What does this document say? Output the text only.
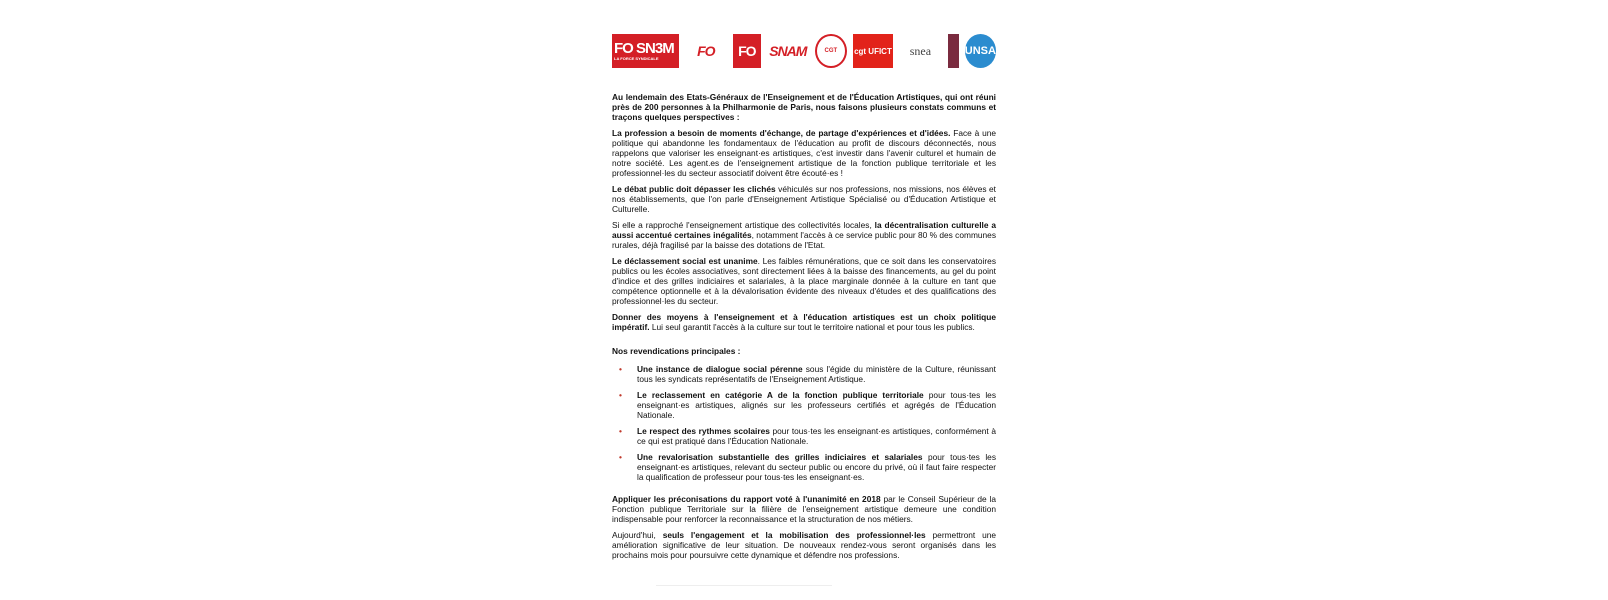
FO SN3M
LA FORCE SYNDICALE	FO	FO SNAM	CGT	cgt UFICT	snea	UNSA

Au lendemain des Etats-Généraux de l'Enseignement et de l'Éducation Artistiques, qui ont réuni près de 200 personnes à la Philharmonie de Paris, nous faisons plusieurs constats communs et traçons quelques perspectives :

La profession a besoin de moments d'échange, de partage d'expériences et d'idées. Face à une politique qui abandonne les fondamentaux de l'éducation au profit de discours déconnectés, nous rappelons que valoriser les enseignant·es artistiques, c'est investir dans l'avenir culturel et humain de notre société. Les agent.es de l'enseignement artistique de la fonction publique territoriale et les professionnel·les du secteur associatif doivent être écouté·es !

Le débat public doit dépasser les clichés véhiculés sur nos professions, nos missions, nos élèves et nos établissements, que l'on parle d'Enseignement Artistique Spécialisé ou d'Éducation Artistique et Culturelle.

Si elle a rapproché l'enseignement artistique des collectivités locales, la décentralisation culturelle a aussi accentué certaines inégalités, notamment l'accès à ce service public pour 80 % des communes rurales, déjà fragilisé par la baisse des dotations de l'Etat.

Le déclassement social est unanime. Les faibles rémunérations, que ce soit dans les conservatoires publics ou les écoles associatives, sont directement liées à la baisse des financements, au gel du point d'indice et des grilles indiciaires et salariales, à la place marginale donnée à la culture en tant que compétence optionnelle et à la dévalorisation évidente des niveaux d'études et des qualifications des professionnel·les du secteur.

Donner des moyens à l'enseignement et à l'éducation artistiques est un choix politique impératif. Lui seul garantit l'accès à la culture sur tout le territoire national et pour tous les publics.

Nos revendications principales :

• Une instance de dialogue social pérenne sous l'égide du ministère de la Culture, réunissant tous les syndicats représentatifs de l'Enseignement Artistique.
• Le reclassement en catégorie A de la fonction publique territoriale pour tous·tes les enseignant·es artistiques, alignés sur les professeurs certifiés et agrégés de l'Éducation Nationale.
• Le respect des rythmes scolaires pour tous·tes les enseignant·es artistiques, conformément à ce qui est pratiqué dans l'Éducation Nationale.
• Une revalorisation substantielle des grilles indiciaires et salariales pour tous·tes les enseignant·es artistiques, relevant du secteur public ou encore du privé, où il faut faire respecter la qualification de professeur pour tous·tes les enseignant·es.

Appliquer les préconisations du rapport voté à l'unanimité en 2018 par le Conseil Supérieur de la Fonction publique Territoriale sur la filière de l'enseignement artistique demeure une condition indispensable pour renforcer la reconnaissance et la structuration de nos métiers.

Aujourd'hui, seuls l'engagement et la mobilisation des professionnel·les permettront une amélioration significative de leur situation. De nouveaux rendez-vous seront organisés dans les prochains mois pour poursuivre cette dynamique et défendre nos professions.
